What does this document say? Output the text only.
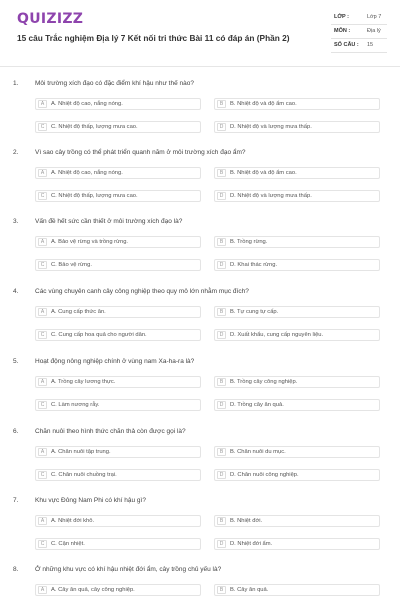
QUIZIZZ
15 câu Trắc nghiệm Địa lý 7 Kết nối tri thức Bài 11 có đáp án (Phần 2)
LỚP :	Lớp 7
MÔN :	Địa lý
SỐ CÂU : 15
1.	Môi trường xích đạo có đặc điểm khí hậu như thế nào?
A	A. Nhiệt độ cao, nắng nóng.	B	B. Nhiệt độ và độ ẩm cao.
C	C. Nhiệt độ thấp, lượng mưa cao.	D	D. Nhiệt độ và lượng mưa thấp.
2.	Vì sao cây trồng có thể phát triển quanh năm ở môi trường xích đạo ẩm?
A	A. Nhiệt độ cao, nắng nóng.	B	B. Nhiệt độ và độ ẩm cao.
C	C. Nhiệt độ thấp, lượng mưa cao.	D	D. Nhiệt độ và lượng mưa thấp.
3.	Vấn đề hết sức cần thiết ở môi trường xích đạo là?
A	A. Bảo vệ rừng và trồng rừng.	B	B. Trồng rừng.
C	C. Bảo vệ rừng.	D	D. Khai thác rừng.
4.	Các vùng chuyên canh cây công nghiệp theo quy mô lớn nhằm mục đích?
A	A. Cung cấp thức ăn.	B	B. Tự cung tự cấp.
C	C. Cung cấp hoa quả cho người dân.	D	D. Xuất khẩu, cung cấp nguyên liệu.
5.	Hoạt động nông nghiệp chính ở vùng nam Xa-ha-ra là?
A	A. Trồng cây lương thực.	B	B. Trồng cây công nghiệp.
C	C. Làm nương rẫy.	D	D. Trồng cây ăn quả.
6.	Chăn nuôi theo hình thức chăn thả còn được gọi là?
A	A. Chăn nuôi tập trung.	B	B. Chăn nuôi du mục.
C	C. Chăn nuôi chuồng trại.	D	D. Chăn nuôi công nghiệp.
7.	Khu vực Đông Nam Phi có khí hậu gì?
A	A. Nhiệt đới khô.	B	B. Nhiệt đới.
C	C. Cận nhiệt.	D	D. Nhiệt đới ẩm.
8.	Ở những khu vực có khí hậu nhiệt đới ẩm, cây trồng chủ yếu là?
A	A. Cây ăn quả, cây công nghiệp.	B	B. Cây ăn quả.
